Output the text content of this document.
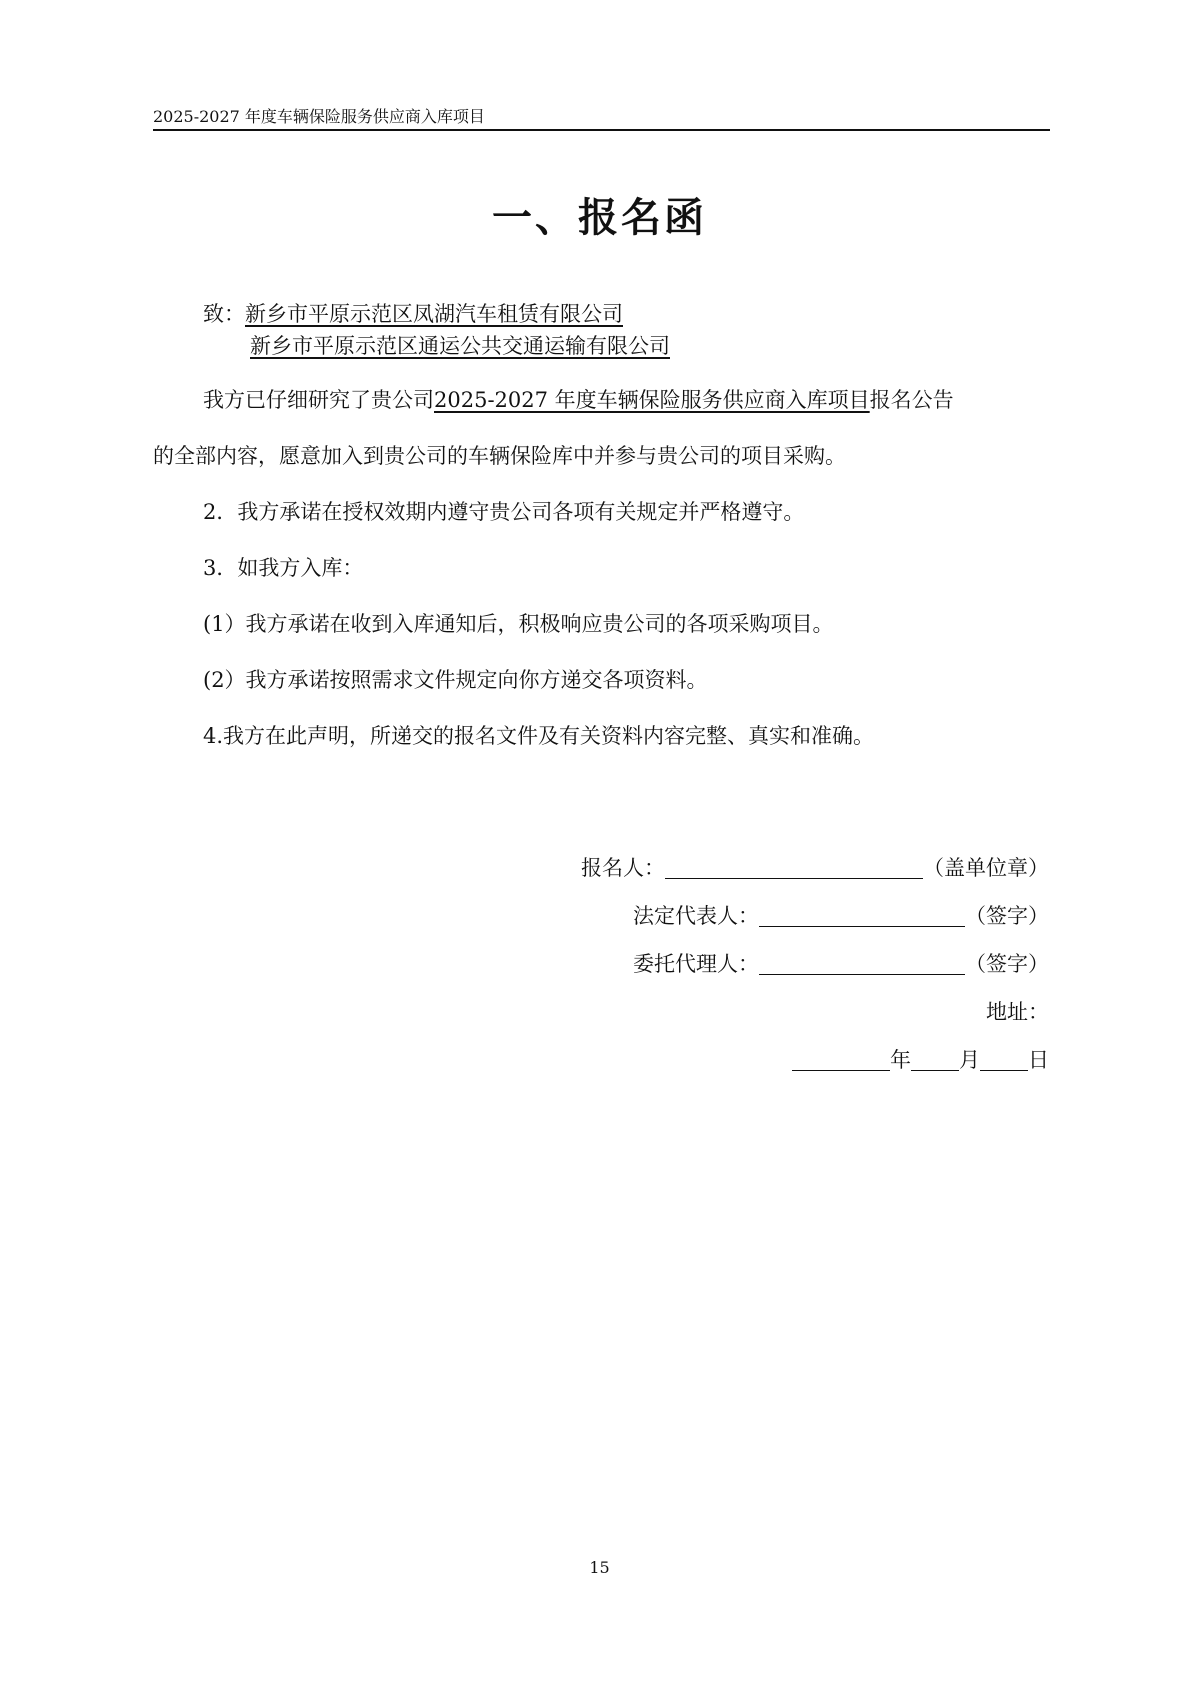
2025-2027 年度车辆保险服务供应商入库项目
一、报名函
致：新乡市平原示范区凤湖汽车租赁有限公司
新乡市平原示范区通运公共交通运输有限公司
我方已仔细研究了贵公司2025-2027 年度车辆保险服务供应商入库项目报名公告
的全部内容，愿意加入到贵公司的车辆保险库中并参与贵公司的项目采购。
2．我方承诺在授权效期内遵守贵公司各项有关规定并严格遵守。
3．如我方入库：
(1）我方承诺在收到入库通知后，积极响应贵公司的各项采购项目。
(2）我方承诺按照需求文件规定向你方递交各项资料。
4.我方在此声明，所递交的报名文件及有关资料内容完整、真实和准确。
报名人：	（盖单位章）
法定代表人：	（签字）
委托代理人：	（签字）
地址：
年 月 日
15
